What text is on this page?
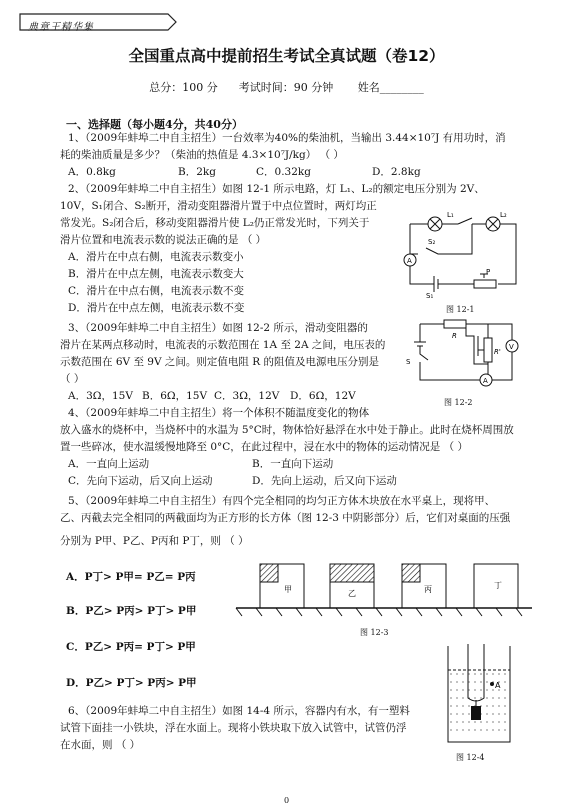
典章王精华集
全国重点高中提前招生考试全真试题（卷12）
总分：100 分 考试时间：90 分钟 姓名________
一、选择题（每小题4分，共40分）
1、（2009年蚌埠二中自主招生）一台效率为40%的柴油机，当输出 3.44×10⁷J 有用功时，消
耗的柴油质量是多少？（柴油的热值是 4.3×10⁷J/kg） （ ）
A．0.8kg	B．2kg	C．0.32kg	D．2.8kg
2、（2009年蚌埠二中自主招生）如图 12-1 所示电路，灯 L₁、L₂的额定电压分别为 2V、
10V，S₁闭合、S₂断开，滑动变阻器滑片置于中点位置时，两灯均正
常发光。S₂闭合后，移动变阻器滑片使 L₂仍正常发光时，下列关于
滑片位置和电流表示数的说法正确的是 （ ）
A．滑片在中点右侧，电流表示数变小
B．滑片在中点左侧，电流表示数变大
C．滑片在中点右侧，电流表示数不变
D．滑片在中点左侧，电流表示数不变
L₁	L₂
S₂
S₁
A
P
图 12-1
3、（2009年蚌埠二中自主招生）如图 12-2 所示，滑动变阻器的
滑片在某两点移动时，电流表的示数范围在 1A 至 2A 之间，电压表的
示数范围在 6V 至 9V 之间。则定值电阻 R 的阻值及电源电压分别是
（ ）
A．3Ω，15V B．6Ω，15V C．3Ω，12V D．6Ω，12V
R
R'
V
S
A
图 12-2
4、（2009年蚌埠二中自主招生）将一个体积不随温度变化的物体
放入盛水的烧杯中，当烧杯中的水温为 5°C时，物体恰好悬浮在水中处于静止。此时在烧杯周围放
置一些碎冰，使水温缓慢地降至 0°C，在此过程中，浸在水中的物体的运动情况是 （ ）
A．一直向上运动	B．一直向下运动
C．先向下运动，后又向上运动	D．先向上运动，后又向下运动
5、（2009年蚌埠二中自主招生）有四个完全相同的均匀正方体木块放在水平桌上，现将甲、
乙、丙截去完全相同的两截面均为正方形的长方体（图 12-3 中阴影部分）后，它们对桌面的压强
分别为 P甲、P乙、P丙和 P丁，则 （ ）
A．P丁> P甲= P乙= P丙
B．P乙> P丙> P丁> P甲
C．P乙> P丙= P丁> P甲
D．P乙> P丁> P丙> P甲
甲	乙	丙	丁
图 12-3
6、（2009年蚌埠二中自主招生）如图 14-4 所示，容器内有水，有一塑料
试管下面挂一小铁块，浮在水面上。现将小铁块取下放入试管中，试管仍浮
在水面，则 （ ）
A
图 12-4
0
